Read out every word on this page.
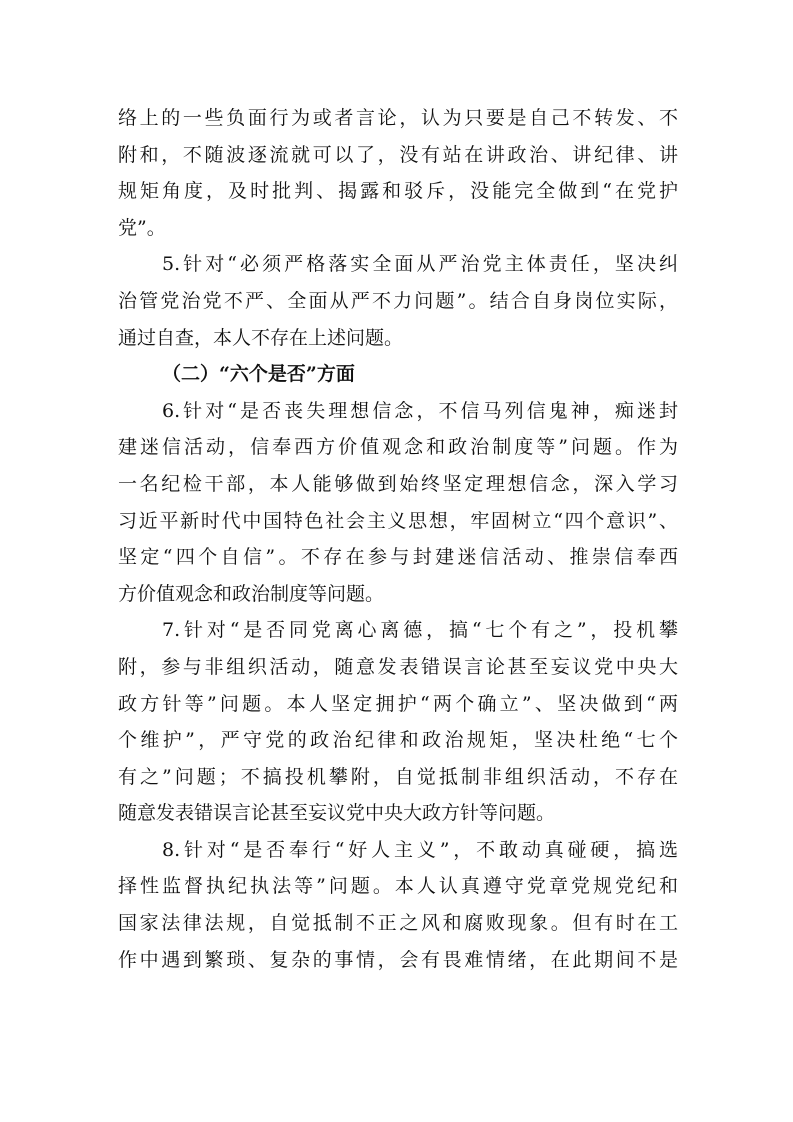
络上的一些负面行为或者言论，认为只要是自己不转发、不
附和，不随波逐流就可以了，没有站在讲政治、讲纪律、讲
规矩角度，及时批判、揭露和驳斥，没能完全做到“在党护
党”。
5.针对“必须严格落实全面从严治党主体责任，坚决纠
治管党治党不严、全面从严不力问题”。结合自身岗位实际，
通过自查，本人不存在上述问题。
（二）“六个是否”方面
6.针对“是否丧失理想信念，不信马列信鬼神，痴迷封
建迷信活动，信奉西方价值观念和政治制度等”问题。作为
一名纪检干部，本人能够做到始终坚定理想信念，深入学习
习近平新时代中国特色社会主义思想，牢固树立“四个意识”、
坚定“四个自信”。不存在参与封建迷信活动、推崇信奉西
方价值观念和政治制度等问题。
7.针对“是否同党离心离德，搞“七个有之”，投机攀
附，参与非组织活动，随意发表错误言论甚至妄议党中央大
政方针等”问题。本人坚定拥护“两个确立”、坚决做到“两
个维护”，严守党的政治纪律和政治规矩，坚决杜绝“七个
有之”问题；不搞投机攀附，自觉抵制非组织活动，不存在
随意发表错误言论甚至妄议党中央大政方针等问题。
8.针对“是否奉行“好人主义”，不敢动真碰硬，搞选
择性监督执纪执法等”问题。本人认真遵守党章党规党纪和
国家法律法规，自觉抵制不正之风和腐败现象。但有时在工
作中遇到繁琐、复杂的事情，会有畏难情绪，在此期间不是
